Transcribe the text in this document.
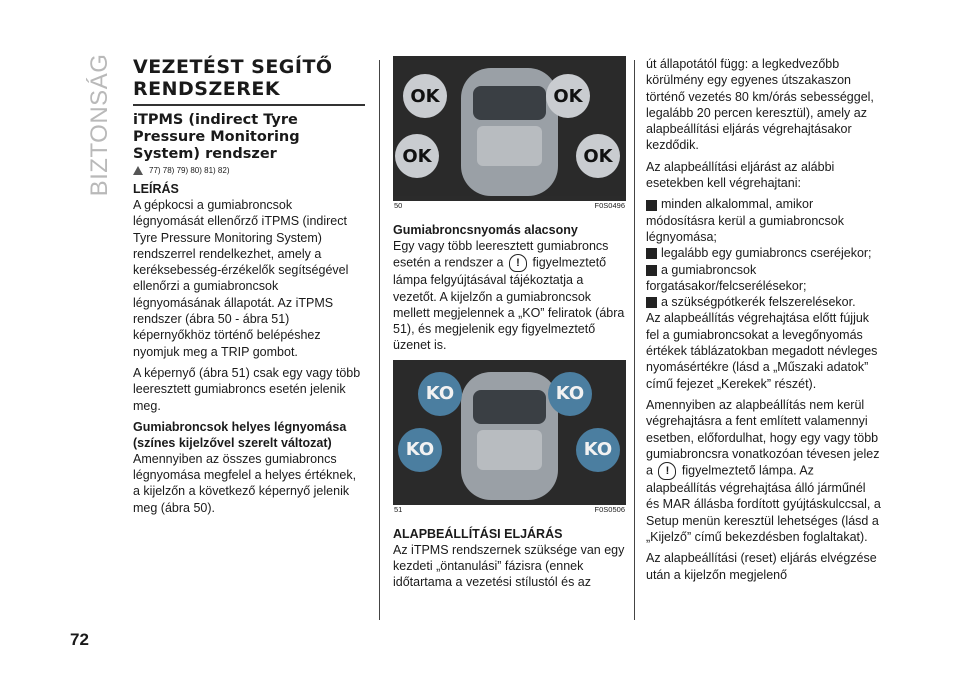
BIZTONSÁG
72
VEZETÉST SEGÍTŐ
RENDSZEREK
iTPMS (indirect Tyre Pressure Monitoring System) rendszer
77) 78) 79) 80) 81) 82)
LEÍRÁS

A gépkocsi a gumiabroncsok légnyomását ellenőrző iTPMS (indirect Tyre Pressure Monitoring System) rendszerrel rendelkezhet, amely a keréksebesség-érzékelők segítségével ellenőrzi a gumiabroncsok légnyomásának állapotát. Az iTPMS rendszer (ábra 50 - ábra 51) képernyőkhöz történő belépéshez nyomjuk meg a TRIP gombot.

A képernyő (ábra 51) csak egy vagy több leeresztett gumiabroncs esetén jelenik meg.

Gumiabroncsok helyes légnyomása (színes kijelzővel szerelt változat)

Amennyiben az összes gumiabroncs légnyomása megfelel a helyes értéknek, a kijelzőn a következő képernyő jelenik meg (ábra 50).

OK	OK
OK	OK
50	F0S0496
Gumiabroncsnyomás alacsony

Egy vagy több leeresztett gumiabroncs esetén a rendszer a ! figyelmeztető lámpa felgyújtásával tájékoztatja a vezetőt. A kijelzőn a gumiabroncsok mellett megjelennek a „KO” feliratok (ábra 51), és megjelenik egy figyelmeztető üzenet is.

KO	KO
KO	KO
51	F0S0506
ALAPBEÁLLÍTÁSI ELJÁRÁS

Az iTPMS rendszernek szüksége van egy kezdeti „öntanulási” fázisra (ennek időtartama a vezetési stílustól és az

út állapotától függ: a legkedvezőbb körülmény egy egyenes útszakaszon történő vezetés 80 km/órás sebességgel, legalább 20 percen keresztül), amely az alapbeállítási eljárás végrehajtásakor kezdődik.

Az alapbeállítási eljárást az alábbi esetekben kell végrehajtani:

minden alkalommal, amikor módosításra kerül a gumiabroncsok légnyomása;
legalább egy gumiabroncs cseréjekor;
a gumiabroncsok forgatásakor/felcserélésekor;
a szükségpótkerék felszerelésekor.

Az alapbeállítás végrehajtása előtt fújjuk fel a gumiabroncsokat a levegőnyomás értékek táblázatokban megadott névleges nyomásértékre (lásd a „Műszaki adatok” című fejezet „Kerekek” részét).

Amennyiben az alapbeállítás nem kerül végrehajtásra a fent említett valamennyi esetben, előfordulhat, hogy egy vagy több gumiabroncsra vonatkozóan tévesen jelez a ! figyelmeztető lámpa. Az alapbeállítás végrehajtása álló járműnél és MAR állásba fordított gyújtáskulccsal, a Setup menün keresztül lehetséges (lásd a „Kijelző” című bekezdésben foglaltakat).

Az alapbeállítási (reset) eljárás elvégzése után a kijelzőn megjelenő
